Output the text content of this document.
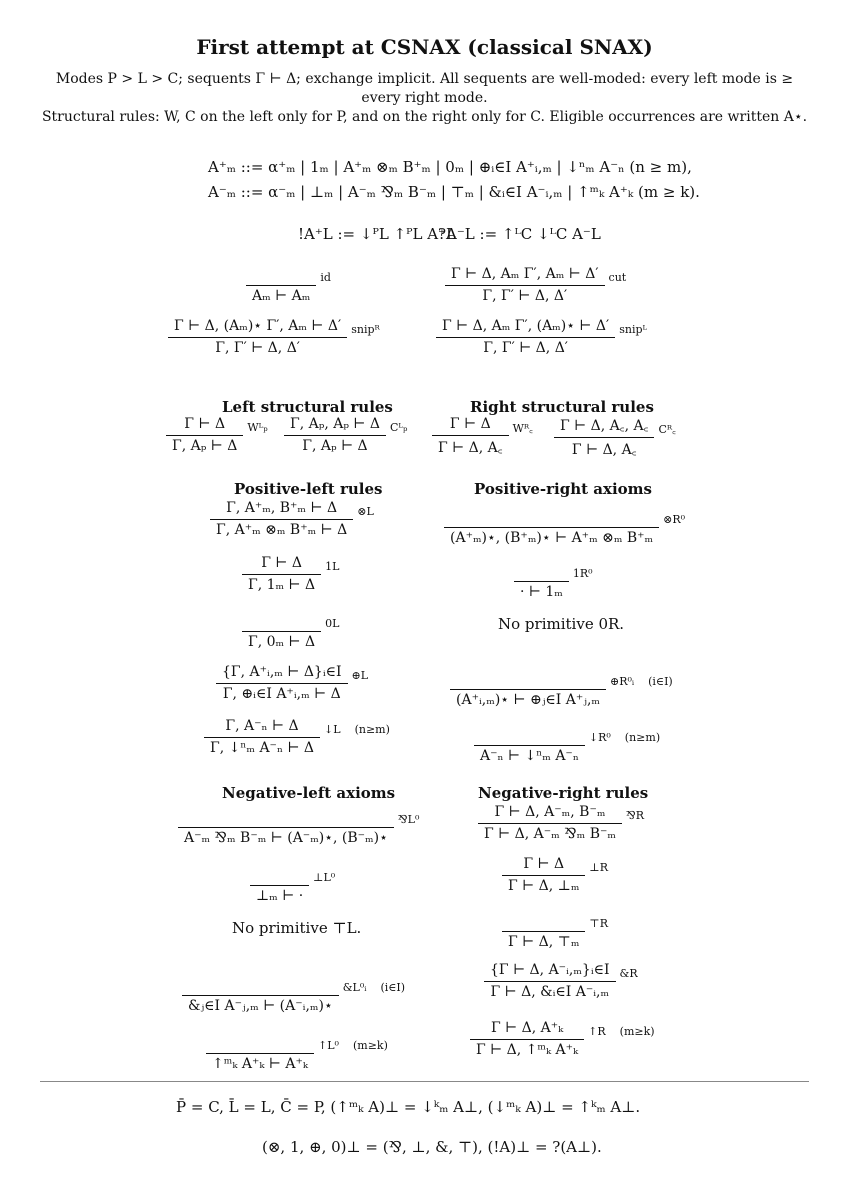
First attempt at CSNAX (classical SNAX)
Modes P > L > C; sequents Γ ⊢ Δ; exchange implicit. All sequents are well-moded: every left mode is ≥ every right mode.
Structural rules: W, C on the left only for P, and on the right only for C. Eligible occurrences are written A⋆.
A⁺ₘ ::= α⁺ₘ | 1ₘ | A⁺ₘ ⊗ₘ B⁺ₘ | 0ₘ | ⊕ᵢ∈I A⁺ᵢ,ₘ | ↓ⁿₘ A⁻ₙ (n ≥ m),
A⁻ₘ ::= α⁻ₘ | ⊥ₘ | A⁻ₘ ⅋ₘ B⁻ₘ | ⊤ₘ | &ᵢ∈I A⁻ᵢ,ₘ | ↑ᵐₖ A⁺ₖ (m ≥ k).
!A⁺L := ↓ᴾL ↑ᴾL A⁺L
?A⁻L := ↑ᴸC ↓ᴸC A⁻L
Aₘ ⊢ Aₘ
id	$\frac{\text{Γ ⊢ Δ, Aₘ Γ′, Aₘ ⊢ Δ′}}{\Gamma, \Gamma' ⊢ \Delta, \Delta'}$ cut
$\frac{\text{Γ ⊢ Δ, (Aₘ)⋆ Γ′, Aₘ ⊢ Δ′}}{\Gamma, \Gamma' ⊢ \Delta, \Delta'}$ snipᴿ	$\frac{\text{Γ ⊢ Δ, Aₘ Γ′, (Aₘ)⋆ ⊢ Δ′}}{\Gamma, \Gamma' ⊢ \Delta, \Delta'}$ snipᴸ
Left structural rules	Right structural rules
$\frac{\Gamma ⊢ \Delta}{\text{Γ, Aₚ ⊢ Δ}}$ Wᴸₚ $\frac{\text{Γ, Aₚ, Aₚ ⊢ Δ}}{\text{Γ, Aₚ ⊢ Δ}}$ Cᴸₚ $\frac{\Gamma ⊢ \Delta}{\Gamma ⊢ \Delta, A꜀}$ Wᴿ꜀ $\frac{\Gamma ⊢ \Delta, A꜀, A꜀}{\Gamma ⊢ \Delta, A꜀}$ Cᴿ꜀
Positive-left rules	Positive-right axioms
$\frac{\text{Γ, A⁺ₘ, B⁺ₘ ⊢ Δ}}{\text{Γ, A⁺ₘ ⊗ₘ B⁺ₘ ⊢ Δ}}$ ⊗L
$\frac{\Gamma ⊢ \Delta}{\text{Γ, 1ₘ ⊢ Δ}} 1L$
Γ, 0ₘ ⊢ Δ
0L
$\frac{\text{\{Γ, A⁺ᵢ,ₘ ⊢ Δ\}ᵢ∈I}}{\text{Γ, ⊕ᵢ∈I A⁺ᵢ,ₘ ⊢ Δ}}$ ⊕L
$\frac{\text{Γ, A⁻ₙ ⊢ Δ}}{\text{Γ, ↓ⁿₘ A⁻ₙ ⊢ Δ}}$ ↓L (n≥m)
(A⁺ₘ)⋆, (B⁺ₘ)⋆ ⊢ A⁺ₘ ⊗ₘ B⁺ₘ
⊗R⁰
· ⊢ 1ₘ
1R⁰
No primitive 0R.
(A⁺ᵢ,ₘ)⋆ ⊢ ⊕ⱼ∈I A⁺ⱼ,ₘ
⊕R⁰ᵢ (i∈I)
A⁻ₙ ⊢ ↓ⁿₘ A⁻ₙ
↓R⁰ (n≥m)
Negative-left axioms	Negative-right rules
A⁻ₘ ⅋ₘ B⁻ₘ ⊢ (A⁻ₘ)⋆, (B⁻ₘ)⋆
⅋L⁰
⊥ₘ ⊢ ·
⊥L⁰
No primitive ⊤L.
&ⱼ∈I A⁻ⱼ,ₘ ⊢ (A⁻ᵢ,ₘ)⋆
&L⁰ᵢ (i∈I)
↑ᵐₖ A⁺ₖ ⊢ A⁺ₖ
↑L⁰ (m≥k)
$\frac{\text{Γ ⊢ Δ, A⁻ₘ, B⁻ₘ}}{\text{Γ ⊢ Δ, A⁻ₘ ⅋ₘ B⁻ₘ}}$ ⅋R
$\frac{\Gamma ⊢ \Delta}{\text{Γ ⊢ Δ, ⊥ₘ}}$ ⊥R
Γ ⊢ Δ, ⊤ₘ
⊤R
$\frac{\text{\{Γ ⊢ Δ, A⁻ᵢ,ₘ\}ᵢ∈I}}{\text{Γ ⊢ Δ, \&ᵢ∈I A⁻ᵢ,ₘ}}$ &R
$\frac{\text{Γ ⊢ Δ, A⁺ₖ}}{\text{Γ ⊢ Δ, ↑ᵐₖ A⁺ₖ}}$ ↑R (m≥k)
P̄ = C, L̄ = L, C̄ = P, (↑ᵐₖ A)⊥ = ↓ᵏₘ A⊥, (↓ᵐₖ A)⊥ = ↑ᵏₘ A⊥.
(⊗, 1, ⊕, 0)⊥ = (⅋, ⊥, &, ⊤), (!A)⊥ = ?(A⊥).
